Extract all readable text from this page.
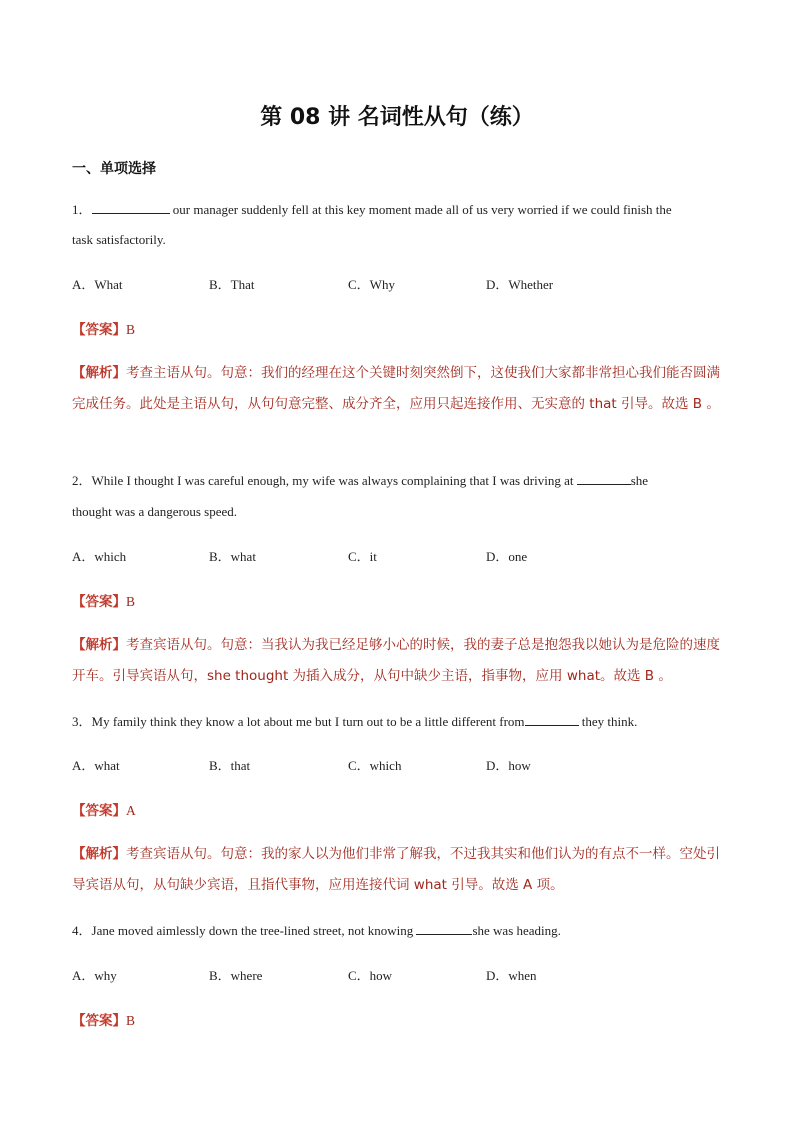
第 08 讲 名词性从句（练）
一、单项选择
1．	our manager suddenly fell at this key moment made all of us very worried if we could finish the
task satisfactorily.
A．What	B．That	C．Why	D．Whether
【答案】B
【解析】考查主语从句。句意：我们的经理在这个关键时刻突然倒下，这使我们大家都非常担心我们能否圆满完成任务。此处是主语从句，从句句意完整、成分齐全，应用只起连接作用、无实意的 that 引导。故选 B 。
2．While I thought I was careful enough, my wife was always complaining that I was driving at	she
thought was a dangerous speed.
A．which	B．what	C．it	D．one
【答案】B
【解析】考查宾语从句。句意：当我认为我已经足够小心的时候，我的妻子总是抱怨我以她认为是危险的速度开车。引导宾语从句，she thought 为插入成分，从句中缺少主语，指事物，应用 what。故选 B 。
3．My family think they know a lot about me but I turn out to be a little different from	they think.
A．what	B．that	C．which	D．how
【答案】A
【解析】考查宾语从句。句意：我的家人以为他们非常了解我，不过我其实和他们认为的有点不一样。空处引导宾语从句，从句缺少宾语，且指代事物，应用连接代词 what 引导。故选 A 项。
4．Jane moved aimlessly down the tree-lined street, not knowing	she was heading.
A．why	B．where	C．how	D．when
【答案】B
